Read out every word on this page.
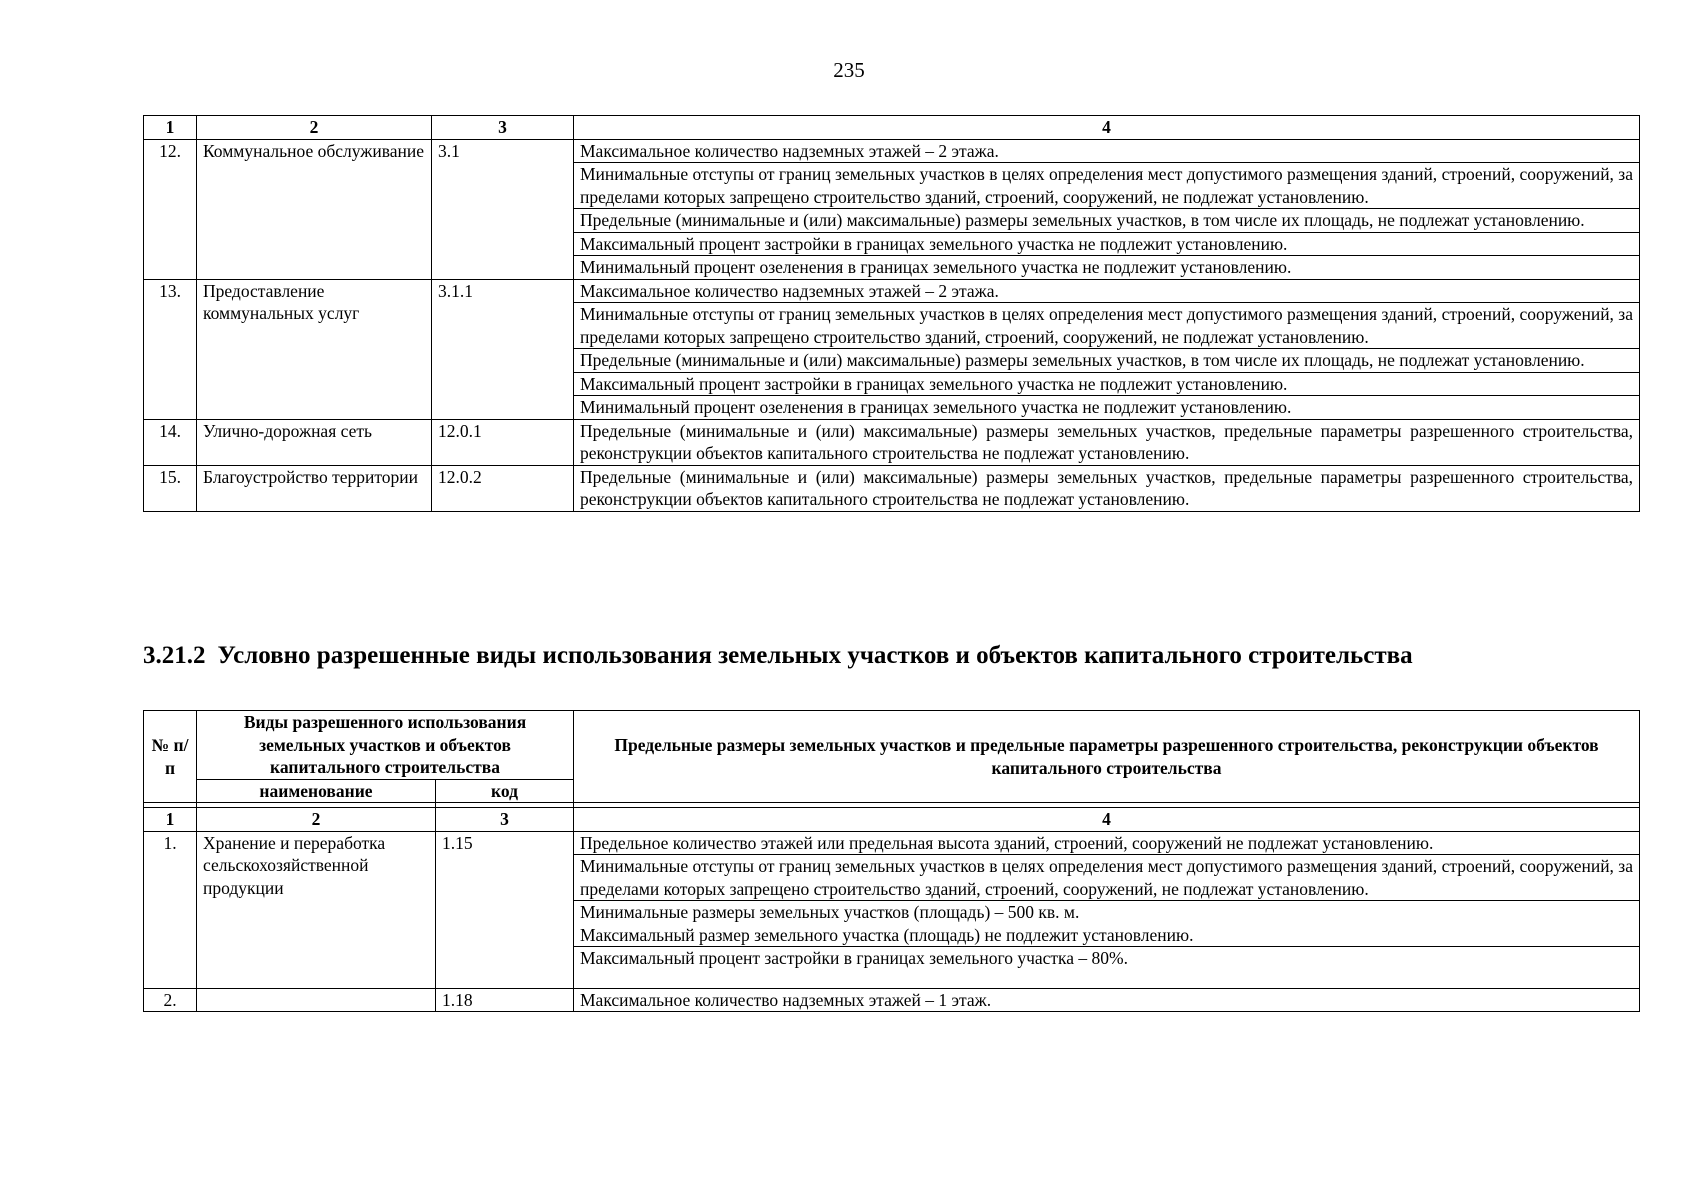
235
1	2	3	4
12.	Коммунальное обслуживание	3.1	Максимальное количество надземных этажей – 2 этажа.
			Минимальные отступы от границ земельных участков в целях определения мест допустимого размещения зданий, строений, сооружений, за пределами которых запрещено строительство зданий, строений, сооружений, не подлежат установлению.
			Предельные (минимальные и (или) максимальные) размеры земельных участков, в том числе их площадь, не подлежат установлению.
			Максимальный процент застройки в границах земельного участка не подлежит установлению.
			Минимальный процент озеленения в границах земельного участка не подлежит установлению.
13.	Предоставление коммунальных услуг	3.1.1	Максимальное количество надземных этажей – 2 этажа.
			Минимальные отступы от границ земельных участков в целях определения мест допустимого размещения зданий, строений, сооружений, за пределами которых запрещено строительство зданий, строений, сооружений, не подлежат установлению.
			Предельные (минимальные и (или) максимальные) размеры земельных участков, в том числе их площадь, не подлежат установлению.
			Максимальный процент застройки в границах земельного участка не подлежит установлению.
			Минимальный процент озеленения в границах земельного участка не подлежит установлению.
14.	Улично-дорожная сеть	12.0.1	Предельные (минимальные и (или) максимальные) размеры земельных участков, предельные параметры разрешенного строительства, реконструкции объектов капитального строительства не подлежат установлению.
15.	Благоустройство территории	12.0.2	Предельные (минимальные и (или) максимальные) размеры земельных участков, предельные параметры разрешенного строительства, реконструкции объектов капитального строительства не подлежат установлению.
3.21.2 Условно разрешенные виды использования земельных участков и объектов капитального строительства
№ п/п	Виды разрешенного использования земельных участков и объектов капитального строительства		Предельные размеры земельных участков и предельные параметры разрешенного строительства, реконструкции объектов капитального строительства
	наименование	код	

1	2	3	4
1.	Хранение и переработка сельскохозяйственной продукции	1.15	Предельное количество этажей или предельная высота зданий, строений, сооружений не подлежат установлению.
			Минимальные отступы от границ земельных участков в целях определения мест допустимого размещения зданий, строений, сооружений, за пределами которых запрещено строительство зданий, строений, сооружений, не подлежат установлению.

			Минимальные размеры земельных участков (площадь) – 500 кв. м.
Максимальный размер земельного участка (площадь) не подлежит установлению.

			Максимальный процент застройки в границах земельного участка – 80%.

2.		1.18	Максимальное количество надземных этажей – 1 этаж.
